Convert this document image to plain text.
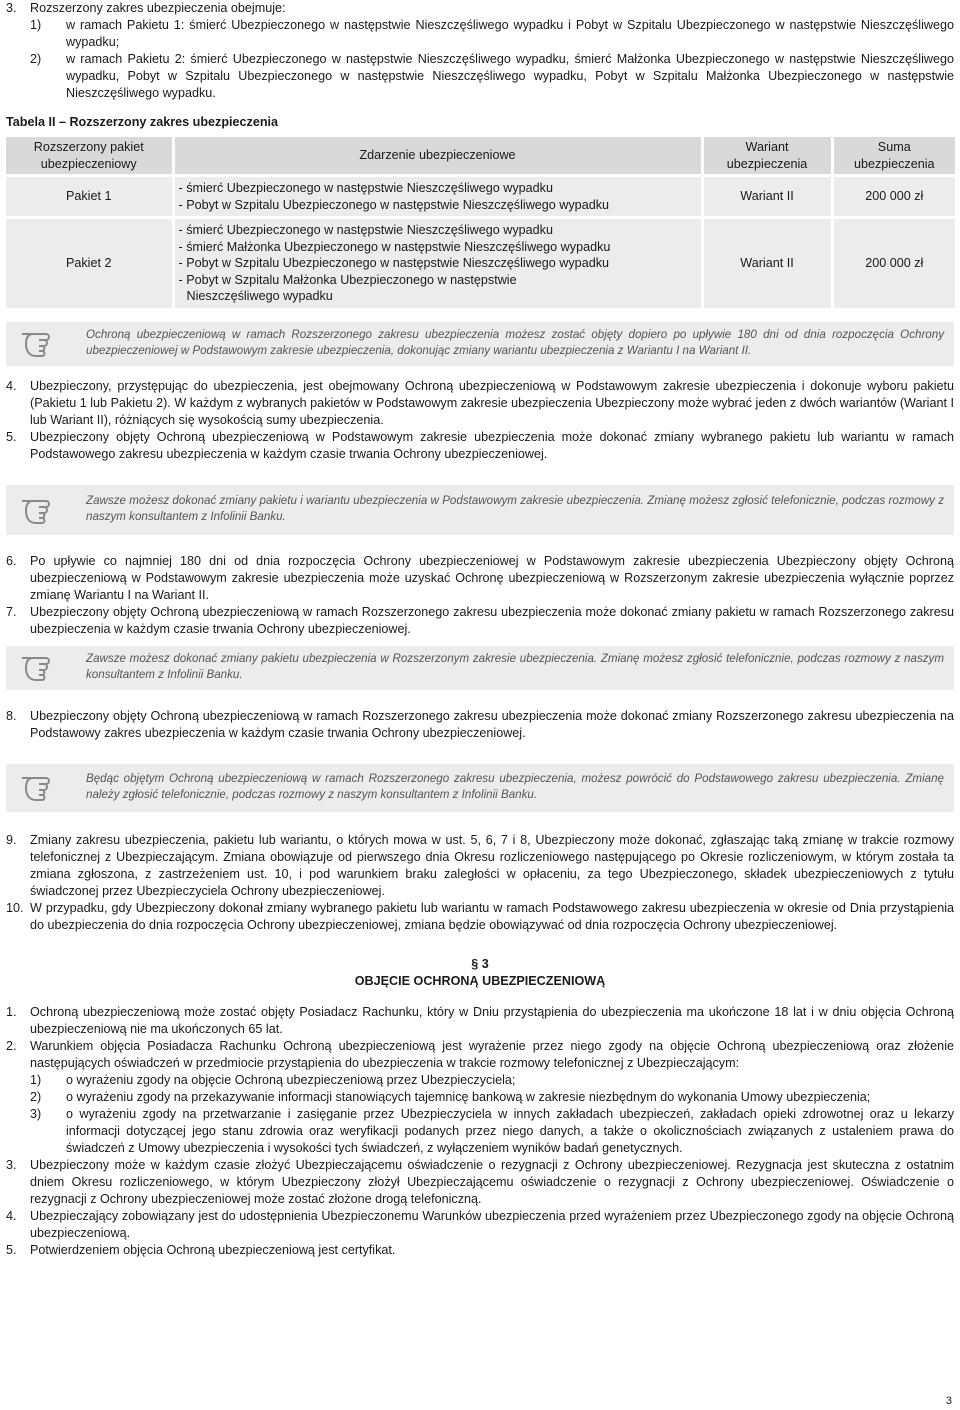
3. Rozszerzony zakres ubezpieczenia obejmuje:
1) w ramach Pakietu 1: śmierć Ubezpieczonego w następstwie Nieszczęśliwego wypadku i Pobyt w Szpitalu Ubezpieczonego w następstwie Nieszczęśliwego wypadku;
2) w ramach Pakietu 2: śmierć Ubezpieczonego w następstwie Nieszczęśliwego wypadku, śmierć Małżonka Ubezpieczonego w następstwie Nieszczęśliwego wypadku, Pobyt w Szpitalu Ubezpieczonego w następstwie Nieszczęśliwego wypadku, Pobyt w Szpitalu Małżonka Ubezpieczonego w następstwie Nieszczęśliwego wypadku.
Tabela II – Rozszerzony zakres ubezpieczenia
Rozszerzony pakiet ubezpieczeniowy	Zdarzenie ubezpieczeniowe	Wariant ubezpieczenia	Suma ubezpieczenia
Pakiet 1	- śmierć Ubezpieczonego w następstwie Nieszczęśliwego wypadku
- Pobyt w Szpitalu Ubezpieczonego w następstwie Nieszczęśliwego wypadku	Wariant II	200 000 zł
Pakiet 2	- śmierć Ubezpieczonego w następstwie Nieszczęśliwego wypadku
- śmierć Małżonka Ubezpieczonego w następstwie Nieszczęśliwego wypadku
- Pobyt w Szpitalu Ubezpieczonego w następstwie Nieszczęśliwego wypadku
- Pobyt w Szpitalu Małżonka Ubezpieczonego w następstwie Nieszczęśliwego wypadku	Wariant II	200 000 zł
Ochroną ubezpieczeniową w ramach Rozszerzonego zakresu ubezpieczenia możesz zostać objęty dopiero po upływie 180 dni od dnia rozpoczęcia Ochrony ubezpieczeniowej w Podstawowym zakresie ubezpieczenia, dokonując zmiany wariantu ubezpieczenia z Wariantu I na Wariant II.
4. Ubezpieczony, przystępując do ubezpieczenia, jest obejmowany Ochroną ubezpieczeniową w Podstawowym zakresie ubezpieczenia i dokonuje wyboru pakietu (Pakietu 1 lub Pakietu 2). W każdym z wybranych pakietów w Podstawowym zakresie ubezpieczenia Ubezpieczony może wybrać jeden z dwóch wariantów (Wariant I lub Wariant II), różniących się wysokością sumy ubezpieczenia.
5. Ubezpieczony objęty Ochroną ubezpieczeniową w Podstawowym zakresie ubezpieczenia może dokonać zmiany wybranego pakietu lub wariantu w ramach Podstawowego zakresu ubezpieczenia w każdym czasie trwania Ochrony ubezpieczeniowej.
Zawsze możesz dokonać zmiany pakietu i wariantu ubezpieczenia w Podstawowym zakresie ubezpieczenia. Zmianę możesz zgłosić telefonicznie, podczas rozmowy z naszym konsultantem z Infolinii Banku.
6. Po upływie co najmniej 180 dni od dnia rozpoczęcia Ochrony ubezpieczeniowej w Podstawowym zakresie ubezpieczenia Ubezpieczony objęty Ochroną ubezpieczeniową w Podstawowym zakresie ubezpieczenia może uzyskać Ochronę ubezpieczeniową w Rozszerzonym zakresie ubezpieczenia wyłącznie poprzez zmianę Wariantu I na Wariant II.
7. Ubezpieczony objęty Ochroną ubezpieczeniową w ramach Rozszerzonego zakresu ubezpieczenia może dokonać zmiany pakietu w ramach Rozszerzonego zakresu ubezpieczenia w każdym czasie trwania Ochrony ubezpieczeniowej.
Zawsze możesz dokonać zmiany pakietu ubezpieczenia w Rozszerzonym zakresie ubezpieczenia. Zmianę możesz zgłosić telefonicznie, podczas rozmowy z naszym konsultantem z Infolinii Banku.
8. Ubezpieczony objęty Ochroną ubezpieczeniową w ramach Rozszerzonego zakresu ubezpieczenia może dokonać zmiany Rozszerzonego zakresu ubezpieczenia na Podstawowy zakres ubezpieczenia w każdym czasie trwania Ochrony ubezpieczeniowej.
Będąc objętym Ochroną ubezpieczeniową w ramach Rozszerzonego zakresu ubezpieczenia, możesz powrócić do Podstawowego zakresu ubezpieczenia. Zmianę należy zgłosić telefonicznie, podczas rozmowy z naszym konsultantem z Infolinii Banku.
9. Zmiany zakresu ubezpieczenia, pakietu lub wariantu, o których mowa w ust. 5, 6, 7 i 8, Ubezpieczony może dokonać, zgłaszając taką zmianę w trakcie rozmowy telefonicznej z Ubezpieczającym. Zmiana obowiązuje od pierwszego dnia Okresu rozliczeniowego następującego po Okresie rozliczeniowym, w którym została ta zmiana zgłoszona, z zastrzeżeniem ust. 10, i pod warunkiem braku zaległości w opłaceniu, za tego Ubezpieczonego, składek ubezpieczeniowych z tytułu świadczonej przez Ubezpieczyciela Ochrony ubezpieczeniowej.
10. W przypadku, gdy Ubezpieczony dokonał zmiany wybranego pakietu lub wariantu w ramach Podstawowego zakresu ubezpieczenia w okresie od Dnia przystąpienia do ubezpieczenia do dnia rozpoczęcia Ochrony ubezpieczeniowej, zmiana będzie obowiązywać od dnia rozpoczęcia Ochrony ubezpieczeniowej.
§ 3
OBJĘCIE OCHRONĄ UBEZPIECZENIOWĄ
1. Ochroną ubezpieczeniową może zostać objęty Posiadacz Rachunku, który w Dniu przystąpienia do ubezpieczenia ma ukończone 18 lat i w dniu objęcia Ochroną ubezpieczeniową nie ma ukończonych 65 lat.
2. Warunkiem objęcia Posiadacza Rachunku Ochroną ubezpieczeniową jest wyrażenie przez niego zgody na objęcie Ochroną ubezpieczeniową oraz złożenie następujących oświadczeń w przedmiocie przystąpienia do ubezpieczenia w trakcie rozmowy telefonicznej z Ubezpieczającym:
1) o wyrażeniu zgody na objęcie Ochroną ubezpieczeniową przez Ubezpieczyciela;
2) o wyrażeniu zgody na przekazywanie informacji stanowiących tajemnicę bankową w zakresie niezbędnym do wykonania Umowy ubezpieczenia;
3) o wyrażeniu zgody na przetwarzanie i zasięganie przez Ubezpieczyciela w innych zakładach ubezpieczeń, zakładach opieki zdrowotnej oraz u lekarzy informacji dotyczącej jego stanu zdrowia oraz weryfikacji podanych przez niego danych, a także o okolicznościach związanych z ustaleniem prawa do świadczeń z Umowy ubezpieczenia i wysokości tych świadczeń, z wyłączeniem wyników badań genetycznych.
3. Ubezpieczony może w każdym czasie złożyć Ubezpieczającemu oświadczenie o rezygnacji z Ochrony ubezpieczeniowej. Rezygnacja jest skuteczna z ostatnim dniem Okresu rozliczeniowego, w którym Ubezpieczony złożył Ubezpieczającemu oświadczenie o rezygnacji z Ochrony ubezpieczeniowej. Oświadczenie o rezygnacji z Ochrony ubezpieczeniowej może zostać złożone drogą telefoniczną.
4. Ubezpieczający zobowiązany jest do udostępnienia Ubezpieczonemu Warunków ubezpieczenia przed wyrażeniem przez Ubezpieczonego zgody na objęcie Ochroną ubezpieczeniową.
5. Potwierdzeniem objęcia Ochroną ubezpieczeniową jest certyfikat.
3
